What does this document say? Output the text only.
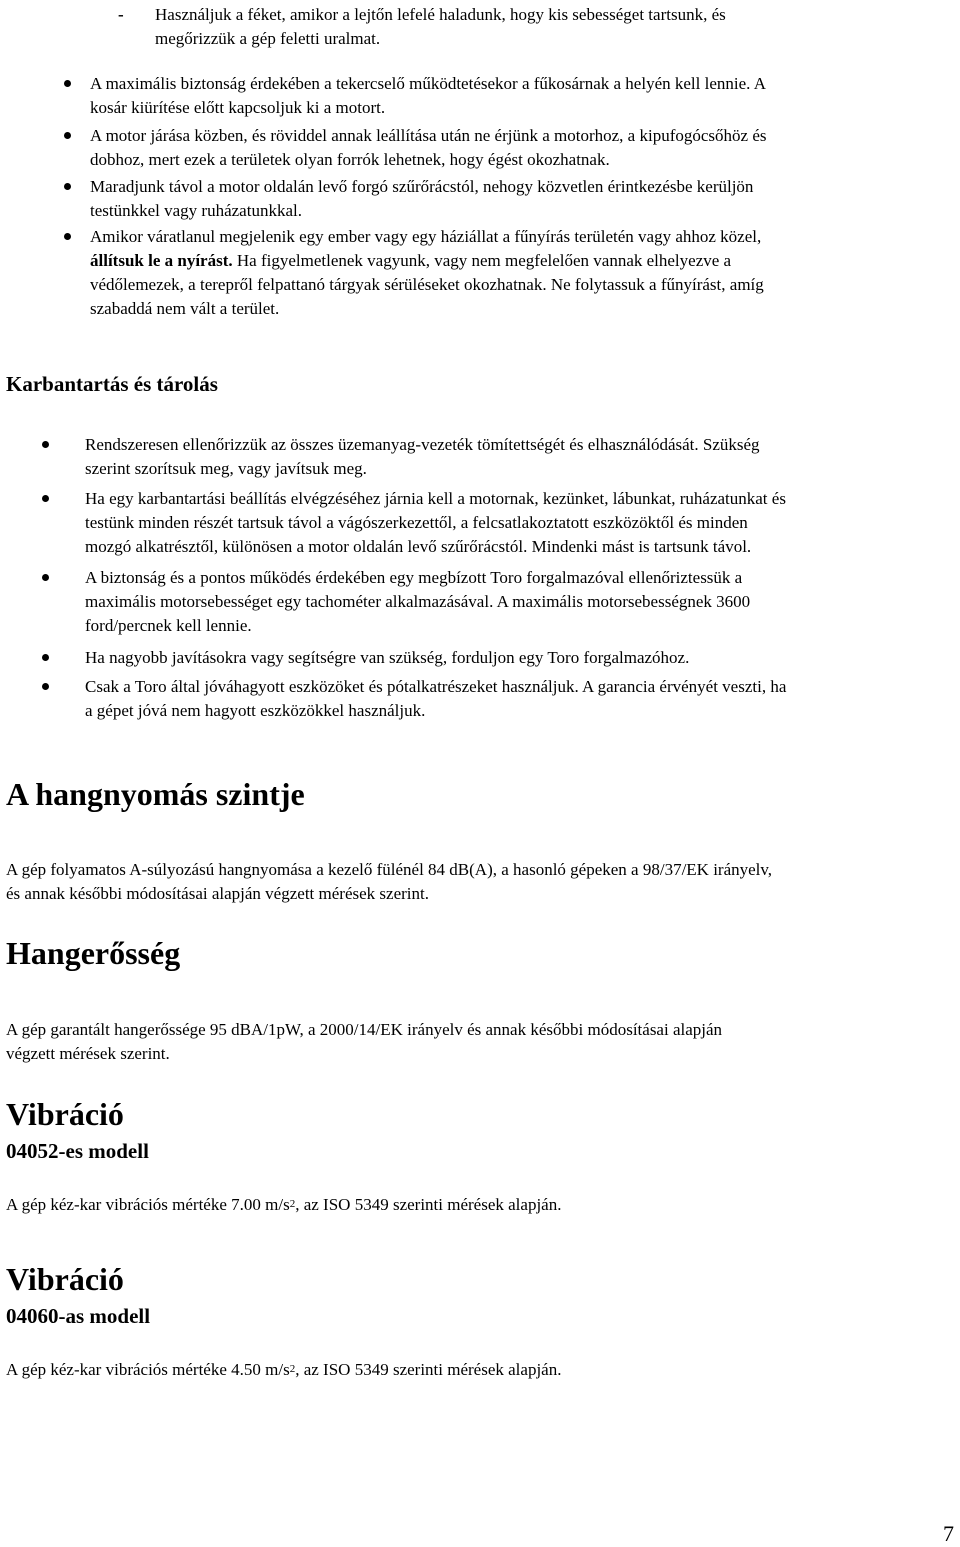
- Használjuk a féket, amikor a lejtőn lefelé haladunk, hogy kis sebességet tartsunk, és
megőrizzük a gép feletti uralmat.
A maximális biztonság érdekében a tekercselő működtetésekor a fűkosárnak a helyén kell lennie. A
kosár kiürítése előtt kapcsoljuk ki a motort.
A motor járása közben, és röviddel annak leállítása után ne érjünk a motorhoz, a kipufogócsőhöz és
dobhoz, mert ezek a területek olyan forrók lehetnek, hogy égést okozhatnak.
Maradjunk távol a motor oldalán levő forgó szűrőrácstól, nehogy közvetlen érintkezésbe kerüljön
testünkkel vagy ruházatunkkal.
Amikor váratlanul megjelenik egy ember vagy egy háziállat a fűnyírás területén vagy ahhoz közel,
állítsuk le a nyírást. Ha figyelmetlenek vagyunk, vagy nem megfelelően vannak elhelyezve a
védőlemezek, a terepről felpattanó tárgyak sérüléseket okozhatnak. Ne folytassuk a fűnyírást, amíg
szabaddá nem vált a terület.
Karbantartás és tárolás
Rendszeresen ellenőrizzük az összes üzemanyag-vezeték tömítettségét és elhasználódását. Szükség
szerint szorítsuk meg, vagy javítsuk meg.
Ha egy karbantartási beállítás elvégzéséhez járnia kell a motornak, kezünket, lábunkat, ruházatunkat és
testünk minden részét tartsuk távol a vágószerkezettől, a felcsatlakoztatott eszközöktől és minden
mozgó alkatrésztől, különösen a motor oldalán levő szűrőrácstól. Mindenki mást is tartsunk távol.
A biztonság és a pontos működés érdekében egy megbízott Toro forgalmazóval ellenőriztessük a
maximális motorsebességet egy tachométer alkalmazásával. A maximális motorsebességnek 3600
ford/percnek kell lennie.
Ha nagyobb javításokra vagy segítségre van szükség, forduljon egy Toro forgalmazóhoz.
Csak a Toro által jóváhagyott eszközöket és pótalkatrészeket használjuk. A garancia érvényét veszti, ha
a gépet jóvá nem hagyott eszközökkel használjuk.
A hangnyomás szintje
A gép folyamatos A-súlyozású hangnyomása a kezelő fülénél 84 dB(A), a hasonló gépeken a 98/37/EK irányelv,
és annak későbbi módosításai alapján végzett mérések szerint.
Hangerősség
A gép garantált hangerőssége 95 dBA/1pW, a 2000/14/EK irányelv és annak későbbi módosításai alapján
végzett mérések szerint.
Vibráció
04052-es modell
A gép kéz-kar vibrációs mértéke 7.00 $m/s^2$, az ISO 5349 szerinti mérések alapján.
Vibráció
04060-as modell
A gép kéz-kar vibrációs mértéke 4.50 $m/s^2$, az ISO 5349 szerinti mérések alapján.
7
